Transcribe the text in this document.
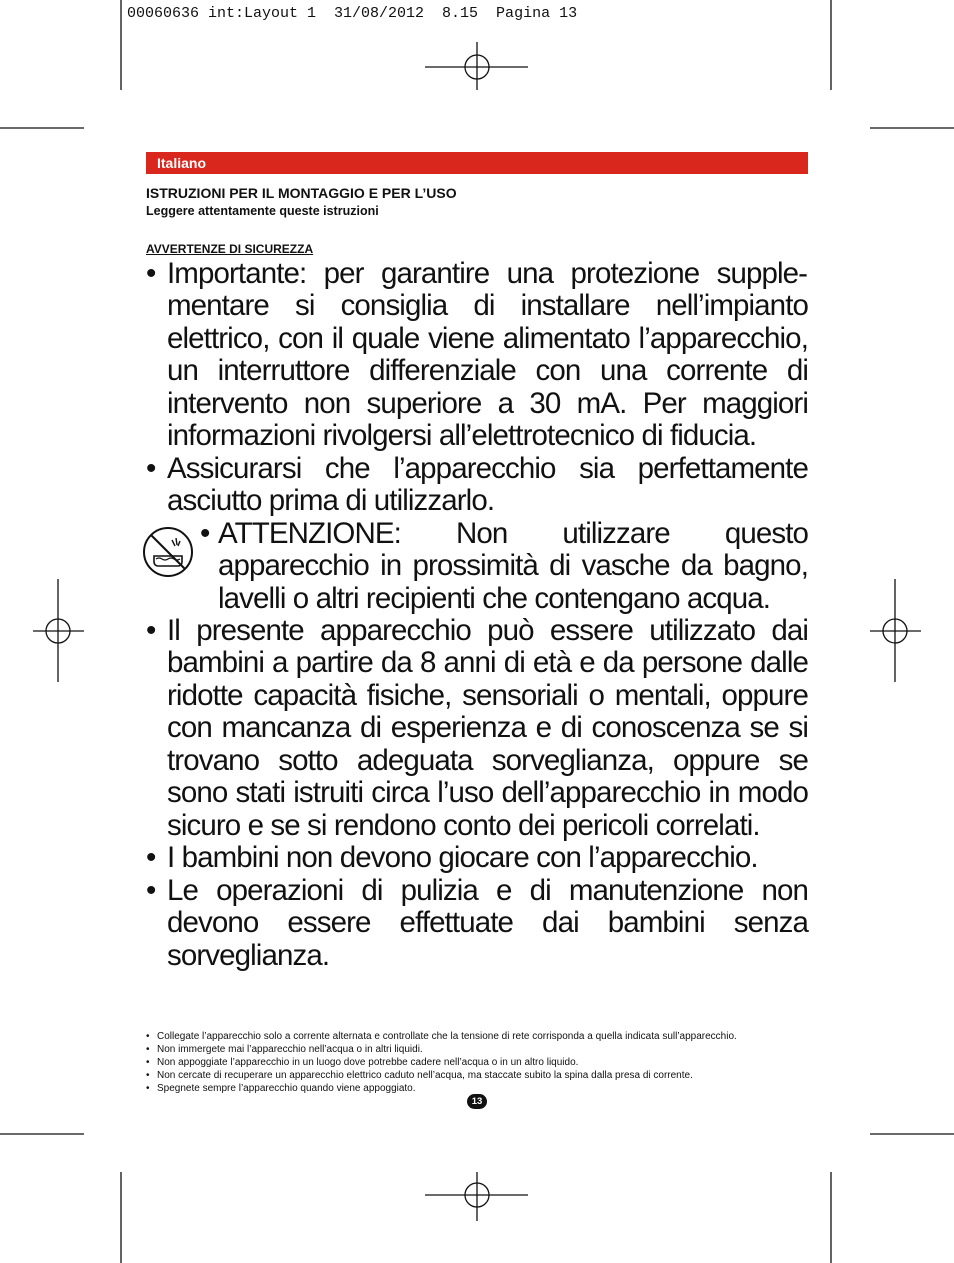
00060636 int:Layout 1  31/08/2012  8.15  Pagina 13
Italiano
ISTRUZIONI PER IL MONTAGGIO E PER L’USO
Leggere attentamente queste istruzioni
AVVERTENZE DI SICUREZZA
• Importante: per garantire una protezione supplementare si consiglia di installare nell’impianto elettrico, con il quale viene alimentato l’apparecchio, un interruttore differenziale con una corrente di intervento non superiore a 30 mA. Per maggiori informazioni rivolgersi all’elettrotecnico di fiducia.
• Assicurarsi che l’apparecchio sia perfettamente asciutto prima di utilizzarlo.
• ATTENZIONE: Non utilizzare questo apparecchio in prossimità di vasche da bagno, lavelli o altri recipienti che contengano acqua.
• Il presente apparecchio può essere utilizzato dai bambini a partire da 8 anni di età e da persone dalle ridotte capacità fisiche, sensoriali o mentali, oppure con mancanza di esperienza e di conoscenza se si trovano sotto adeguata sorveglianza, oppure se sono stati istruiti circa l’uso dell’apparecchio in modo sicuro e se si rendono conto dei pericoli correlati.
• I bambini non devono giocare con l’apparecchio.
• Le operazioni di pulizia e di manutenzione non devono essere effettuate dai bambini senza sorveglianza.
• Collegate l’apparecchio solo a corrente alternata e controllate che la tensione di rete corrisponda a quella indicata sull’apparecchio.
• Non immergete mai l’apparecchio nell’acqua o in altri liquidi.
• Non appoggiate l’apparecchio in un luogo dove potrebbe cadere nell’acqua o in un altro liquido.
• Non cercate di recuperare un apparecchio elettrico caduto nell’acqua, ma staccate subito la spina dalla presa di corrente.
• Spegnete sempre l’apparecchio quando viene appoggiato.
13
